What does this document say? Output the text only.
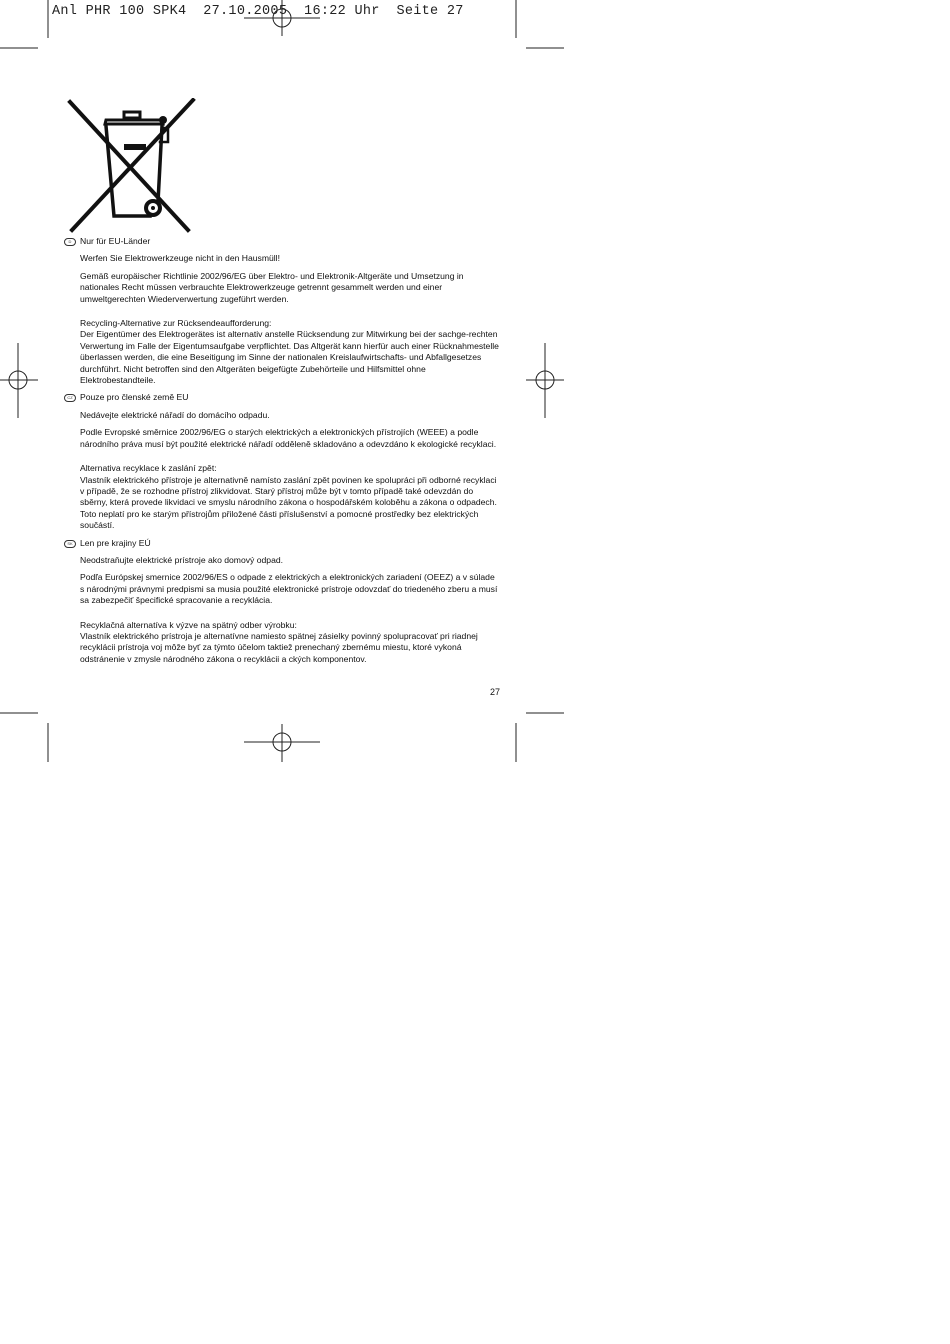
Anl PHR 100 SPK4  27.10.2005  16:22 Uhr  Seite 27
D Nur für EU-Länder
Werfen Sie Elektrowerkzeuge nicht in den Hausmüll!
Gemäß europäischer Richtlinie 2002/96/EG über Elektro- und Elektronik-Altgeräte und Umsetzung in nationales Recht müssen verbrauchte Elektrowerkzeuge getrennt gesammelt werden und einer umweltgerechten Wiederverwertung zugeführt werden.
Recycling-Alternative zur Rücksendeaufforderung:
Der Eigentümer des Elektrogerätes ist alternativ anstelle Rücksendung zur Mitwirkung bei der sachge-rechten Verwertung im Falle der Eigentumsaufgabe verpflichtet. Das Altgerät kann hierfür auch einer Rücknahmestelle überlassen werden, die eine Beseitigung im Sinne der nationalen Kreislaufwirtschafts- und Abfallgesetzes durchführt. Nicht betroffen sind den Altgeräten beigefügte Zubehörteile und Hilfsmittel ohne Elektrobestandteile.
CZ Pouze pro členské země EU
Nedávejte elektrické nářadí do domácího odpadu.
Podle Evropské směrnice 2002/96/EG o starých elektrických a elektronických přístrojích (WEEE) a podle národního práva musí být použité elektrické nářadí odděleně skladováno a odevzdáno k ekologické recyklaci.
Alternativa recyklace k zaslání zpět:
Vlastník elektrického přístroje je alternativně namísto zaslání zpět povinen ke spolupráci při odborné recyklaci v případě, že se rozhodne přístroj zlikvidovat. Starý přístroj může být v tomto případě také odevzdán do sběrny, která provede likvidaci ve smyslu národního zákona o hospodářském koloběhu a zákona o odpadech. Toto neplatí pro ke starým přístrojům přiložené části příslušenství a pomocné prostředky bez elektrických součástí.
SK Len pre krajiny EÚ
Neodstraňujte elektrické prístroje ako domový odpad.
Podľa Európskej smernice 2002/96/ES o odpade z elektrických a elektronických zariadení (OEEZ) a v súlade s národnými právnymi predpismi sa musia použité elektronické prístroje odovzdať do triedeného zberu a musí sa zabezpečiť špecifické spracovanie a recyklácia.
Recyklačná alternatíva k výzve na spätný odber výrobku:
Vlastník elektrického prístroja je alternatívne namiesto spätnej zásielky povinný spolupracovať pri riadnej recyklácii prístroja voj môže byť za týmto účelom taktiež prenechaný zbernému miestu, ktoré vykoná odstránenie v zmysle národného zákona o recyklácii a ckých komponentov.
27
